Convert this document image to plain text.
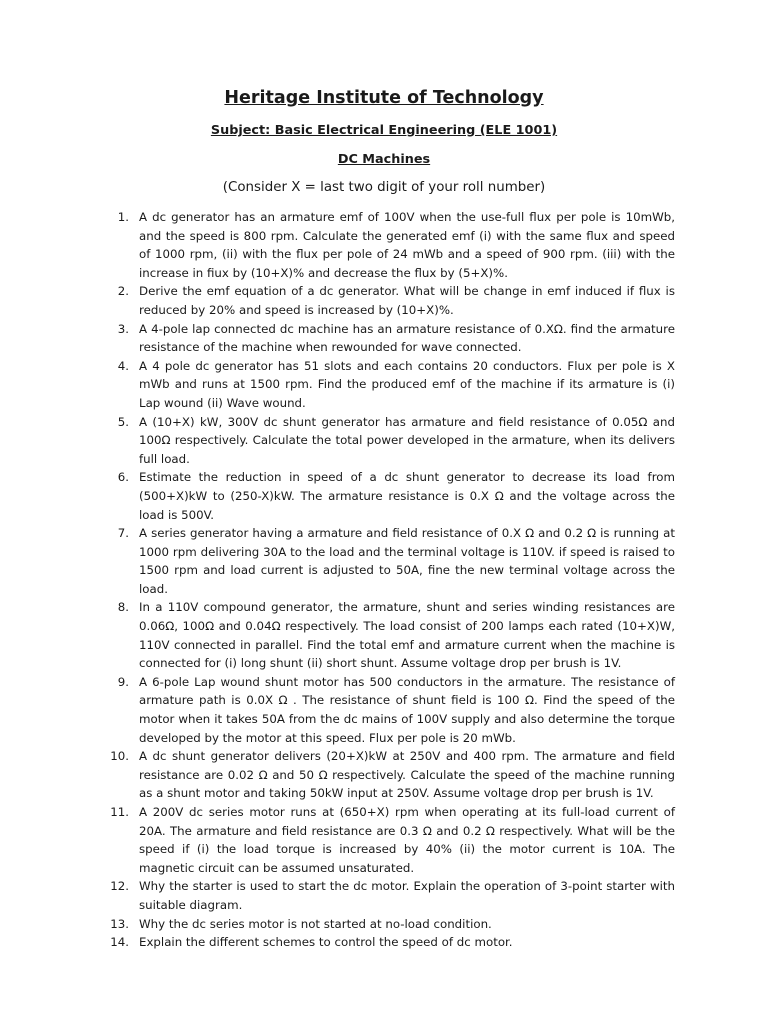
Heritage Institute of Technology
Subject: Basic Electrical Engineering (ELE 1001)
DC Machines
(Consider X = last two digit of your roll number)
1. A dc generator has an armature emf of 100V when the use-full flux per pole is 10mWb, and the speed is 800 rpm. Calculate the generated emf (i) with the same flux and speed of 1000 rpm, (ii) with the flux per pole of 24 mWb and a speed of 900 rpm. (iii) with the increase in fiux by (10+X)% and decrease the flux by (5+X)%.
2. Derive the emf equation of a dc generator. What will be change in emf induced if flux is reduced by 20% and speed is increased by (10+X)%.
3. A 4-pole lap connected dc machine has an armature resistance of 0.XΩ. find the armature resistance of the machine when rewounded for wave connected.
4. A 4 pole dc generator has 51 slots and each contains 20 conductors. Flux per pole is X mWb and runs at 1500 rpm. Find the produced emf of the machine if its armature is (i) Lap wound (ii) Wave wound.
5. A (10+X) kW, 300V dc shunt generator has armature and field resistance of 0.05Ω and 100Ω respectively. Calculate the total power developed in the armature, when its delivers full load.
6. Estimate the reduction in speed of a dc shunt generator to decrease its load from (500+X)kW to (250-X)kW. The armature resistance is 0.X Ω and the voltage across the load is 500V.
7. A series generator having a armature and field resistance of 0.X Ω and 0.2 Ω is running at 1000 rpm delivering 30A to the load and the terminal voltage is 110V. if speed is raised to 1500 rpm and load current is adjusted to 50A, fine the new terminal voltage across the load.
8. In a 110V compound generator, the armature, shunt and series winding resistances are 0.06Ω, 100Ω and 0.04Ω respectively. The load consist of 200 lamps each rated (10+X)W, 110V connected in parallel. Find the total emf and armature current when the machine is connected for (i) long shunt (ii) short shunt. Assume voltage drop per brush is 1V.
9. A 6-pole Lap wound shunt motor has 500 conductors in the armature. The resistance of armature path is 0.0X Ω . The resistance of shunt field is 100 Ω. Find the speed of the motor when it takes 50A from the dc mains of 100V supply and also determine the torque developed by the motor at this speed. Flux per pole is 20 mWb.
10. A dc shunt generator delivers (20+X)kW at 250V and 400 rpm. The armature and field resistance are 0.02 Ω and 50 Ω respectively. Calculate the speed of the machine running as a shunt motor and taking 50kW input at 250V. Assume voltage drop per brush is 1V.
11. A 200V dc series motor runs at (650+X) rpm when operating at its full-load current of 20A. The armature and field resistance are 0.3 Ω and 0.2 Ω respectively. What will be the speed if (i) the load torque is increased by 40% (ii) the motor current is 10A. The magnetic circuit can be assumed unsaturated.
12. Why the starter is used to start the dc motor. Explain the operation of 3-point starter with suitable diagram.
13. Why the dc series motor is not started at no-load condition.
14. Explain the different schemes to control the speed of dc motor.
